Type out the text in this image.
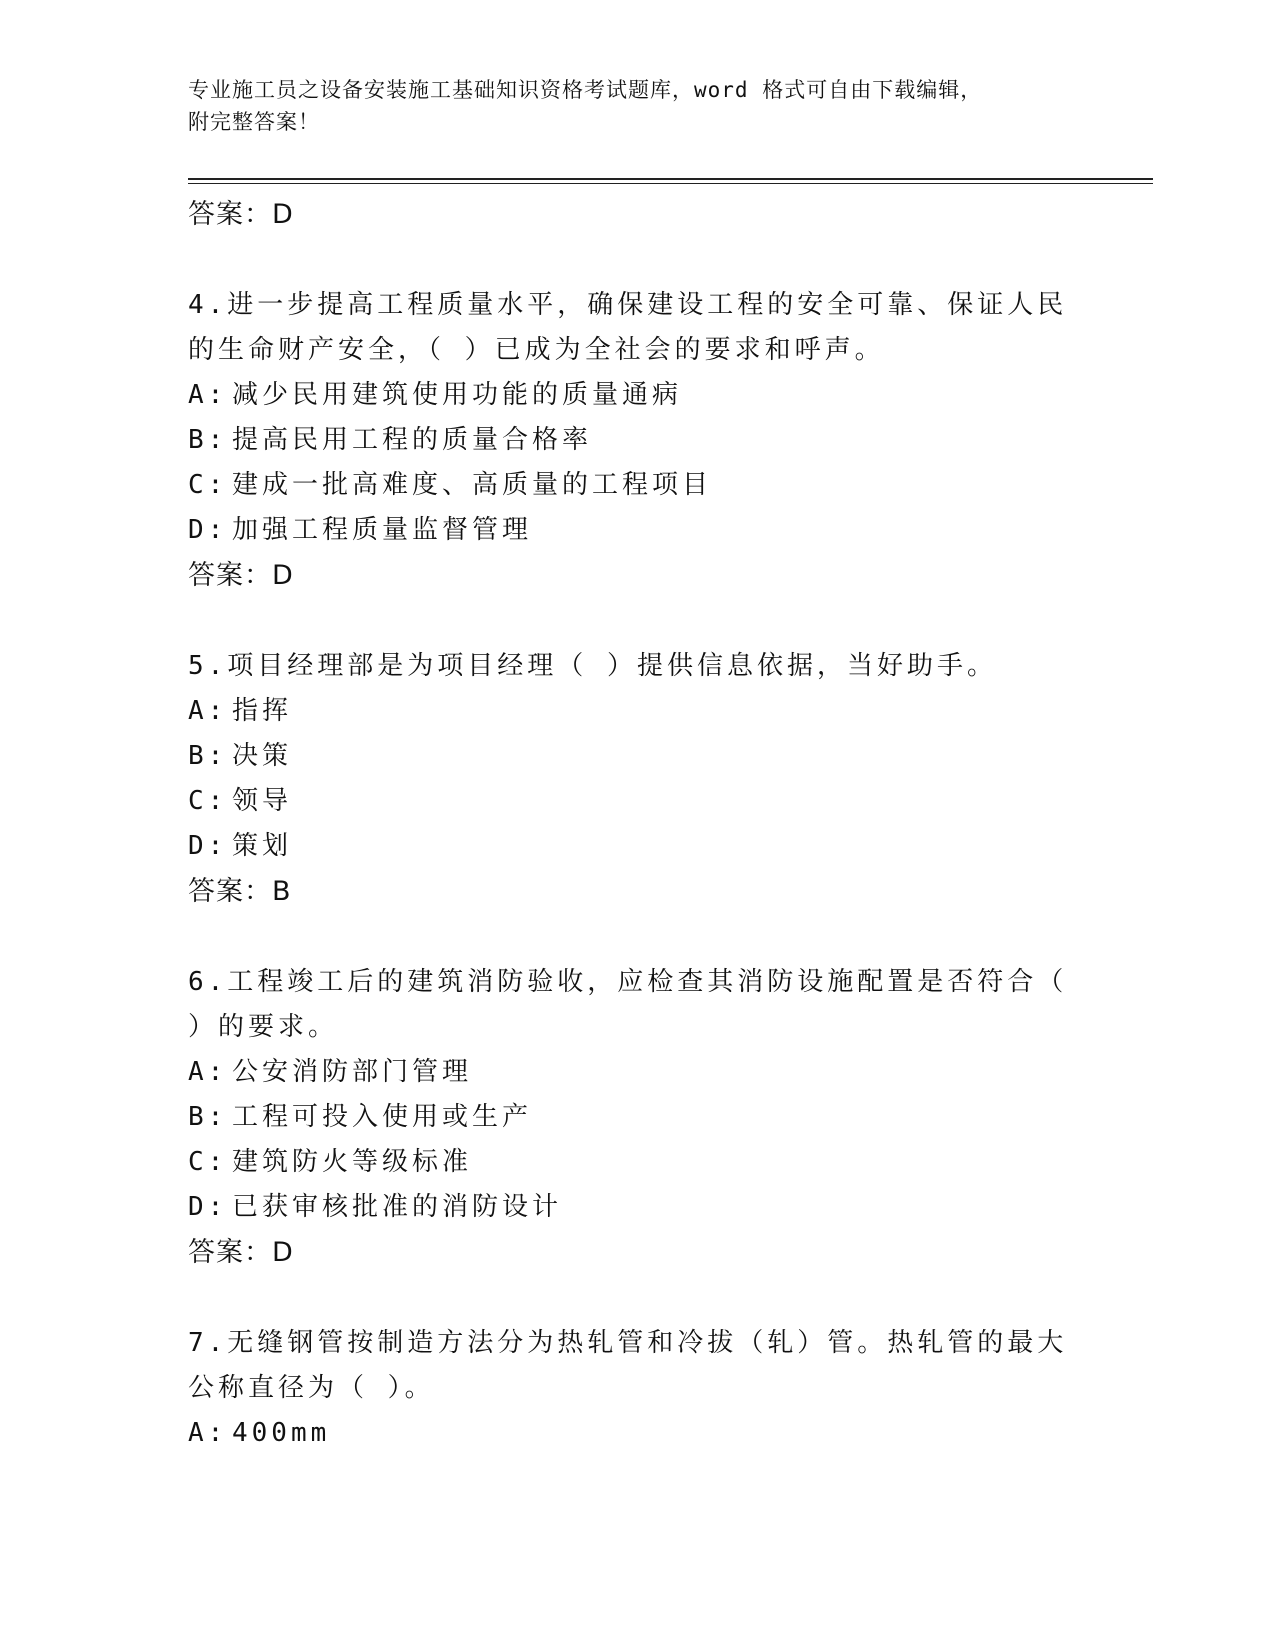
专业施工员之设备安装施工基础知识资格考试题库，word 格式可自由下载编辑，
附完整答案！
答案：D
4.进一步提高工程质量水平，确保建设工程的安全可靠、保证人民的生命财产安全，（ ）已成为全社会的要求和呼声。
A: 减少民用建筑使用功能的质量通病
B: 提高民用工程的质量合格率
C: 建成一批高难度、高质量的工程项目
D: 加强工程质量监督管理
答案：D
5.项目经理部是为项目经理（ ）提供信息依据，当好助手。
A: 指挥
B: 决策
C: 领导
D: 策划
答案：B
6.工程竣工后的建筑消防验收，应检查其消防设施配置是否符合（ ）的要求。
A: 公安消防部门管理
B: 工程可投入使用或生产
C: 建筑防火等级标准
D: 已获审核批准的消防设计
答案：D
7.无缝钢管按制造方法分为热轧管和冷拔（轧）管。热轧管的最大公称直径为（ ）。
A: 400mm
